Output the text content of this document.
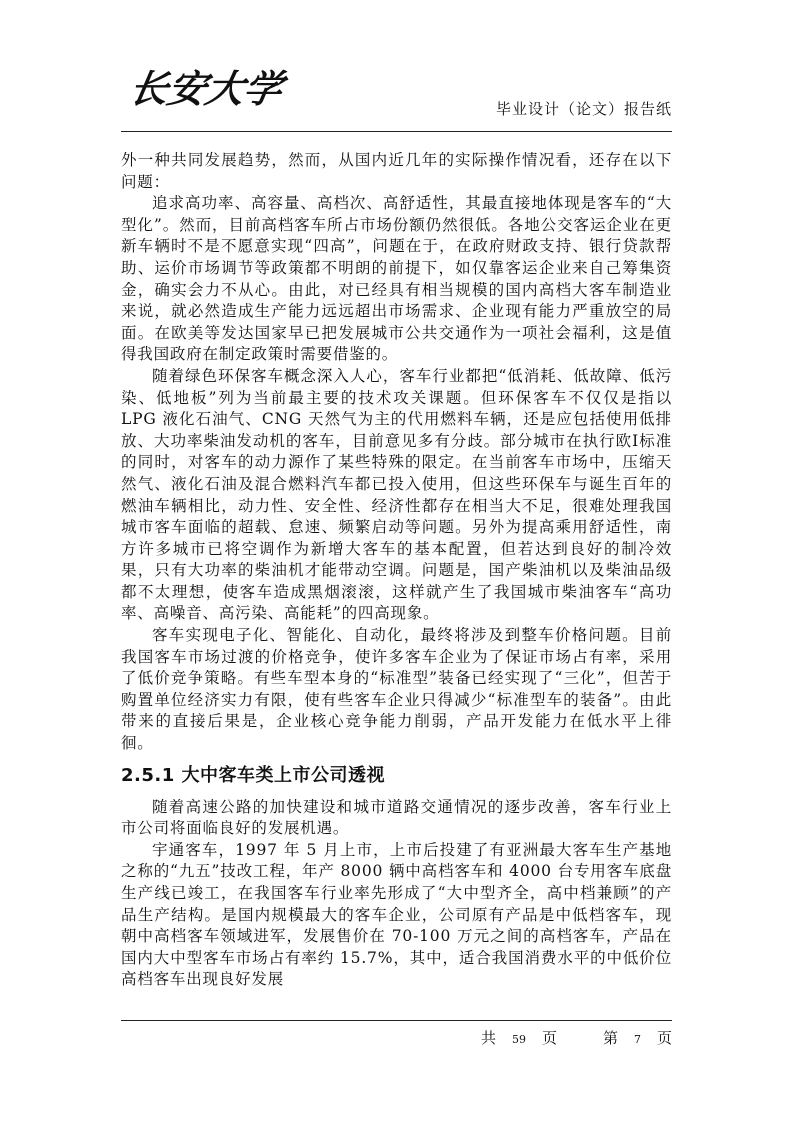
长安大学	毕业设计（论文）报告纸

外一种共同发展趋势，然而，从国内近几年的实际操作情况看，还存在以下问题：

追求高功率、高容量、高档次、高舒适性，其最直接地体现是客车的“大型化”。然而，目前高档客车所占市场份额仍然很低。各地公交客运企业在更新车辆时不是不愿意实现“四高”，问题在于，在政府财政支持、银行贷款帮助、运价市场调节等政策都不明朗的前提下，如仅靠客运企业来自己筹集资金，确实会力不从心。由此，对已经具有相当规模的国内高档大客车制造业来说，就必然造成生产能力远远超出市场需求、企业现有能力严重放空的局面。在欧美等发达国家早已把发展城市公共交通作为一项社会福利，这是值得我国政府在制定政策时需要借鉴的。

随着绿色环保客车概念深入人心，客车行业都把“低消耗、低故障、低污染、低地板”列为当前最主要的技术攻关课题。但环保客车不仅仅是指以 LPG 液化石油气、CNG 天然气为主的代用燃料车辆，还是应包括使用低排放、大功率柴油发动机的客车，目前意见多有分歧。部分城市在执行欧Ⅰ标准的同时，对客车的动力源作了某些特殊的限定。在当前客车市场中，压缩天然气、液化石油及混合燃料汽车都已投入使用，但这些环保车与诞生百年的燃油车辆相比，动力性、安全性、经济性都存在相当大不足，很难处理我国城市客车面临的超载、怠速、频繁启动等问题。另外为提高乘用舒适性，南方许多城市已将空调作为新增大客车的基本配置，但若达到良好的制冷效果，只有大功率的柴油机才能带动空调。问题是，国产柴油机以及柴油品级都不太理想，使客车造成黑烟滚滚，这样就产生了我国城市柴油客车“高功率、高噪音、高污染、高能耗”的四高现象。

客车实现电子化、智能化、自动化，最终将涉及到整车价格问题。目前我国客车市场过渡的价格竞争，使许多客车企业为了保证市场占有率，采用了低价竞争策略。有些车型本身的“标准型”装备已经实现了“三化”，但苦于购置单位经济实力有限，使有些客车企业只得减少“标准型车的装备”。由此带来的直接后果是，企业核心竞争能力削弱，产品开发能力在低水平上徘徊。

2.5.1 大中客车类上市公司透视

随着高速公路的加快建设和城市道路交通情况的逐步改善，客车行业上市公司将面临良好的发展机遇。

宇通客车，1997 年 5 月上市，上市后投建了有亚洲最大客车生产基地之称的“九五”技改工程，年产 8000 辆中高档客车和 4000 台专用客车底盘生产线已竣工，在我国客车行业率先形成了“大中型齐全，高中档兼顾”的产品生产结构。是国内规模最大的客车企业，公司原有产品是中低档客车，现朝中高档客车领域进军，发展售价在 70-100 万元之间的高档客车，产品在国内大中型客车市场占有率约 15.7%，其中，适合我国消费水平的中低价位高档客车出现良好发展

共 59 页	第 7 页
